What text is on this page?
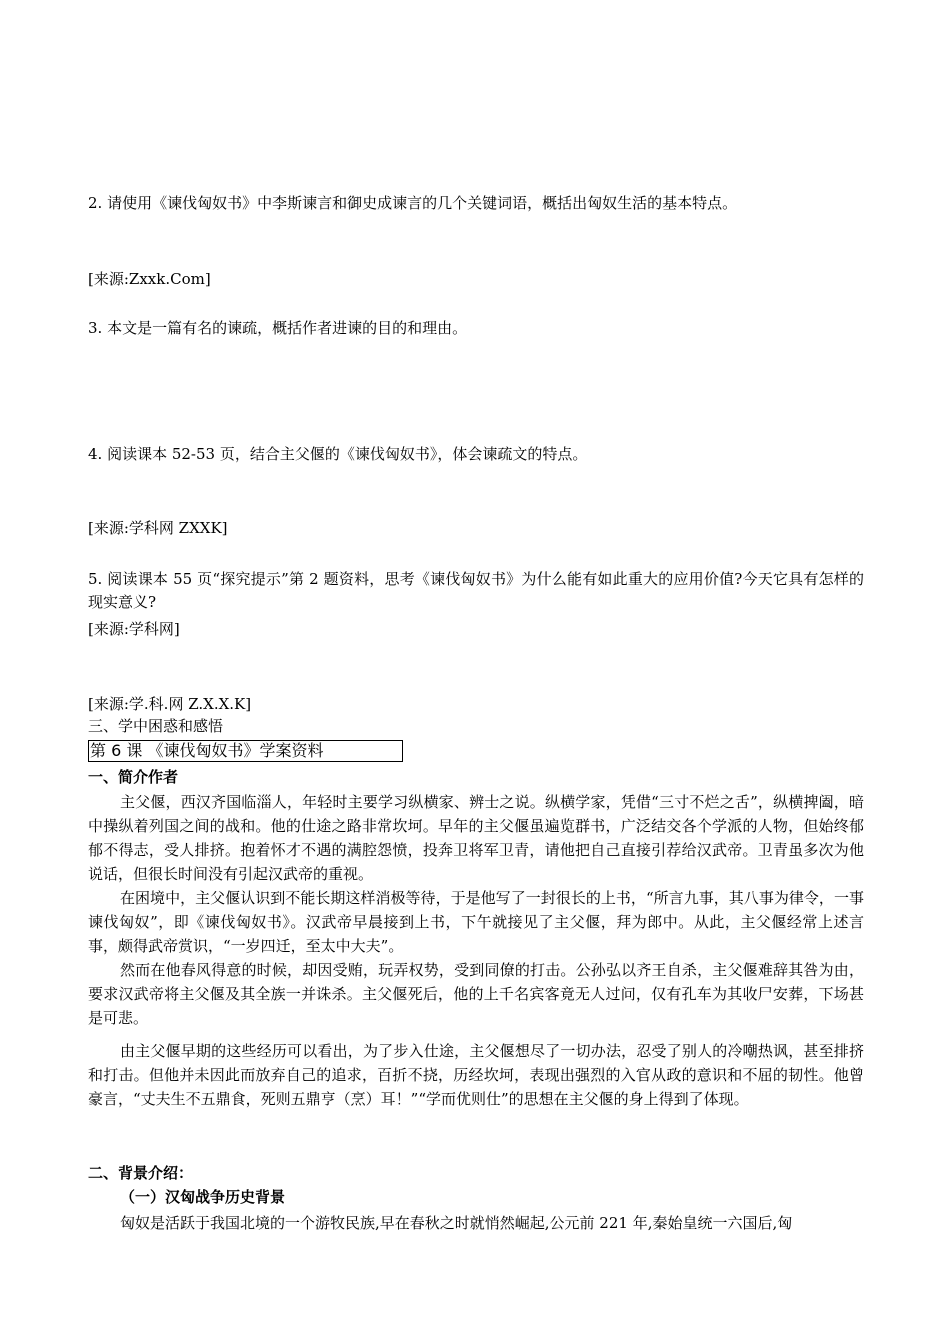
2. 请使用《谏伐匈奴书》中李斯谏言和御史成谏言的几个关键词语，概括出匈奴生活的基本特点。
[来源:Zxxk.Com]
3. 本文是一篇有名的谏疏，概括作者进谏的目的和理由。
4. 阅读课本 52-53 页，结合主父偃的《谏伐匈奴书》，体会谏疏文的特点。
[来源:学科网 ZXXK]
5. 阅读课本 55 页“探究提示”第 2 题资料，思考《谏伐匈奴书》为什么能有如此重大的应用价值?今天它具有怎样的现实意义?
[来源:学科网]
[来源:学.科.网 Z.X.X.K]
三、学中困惑和感悟
第 6 课 《谏伐匈奴书》学案资料
一、简介作者
主父偃，西汉齐国临淄人，年轻时主要学习纵横家、辨士之说。纵横学家，凭借“三寸不烂之舌”，纵横捭阖，暗中操纵着列国之间的战和。他的仕途之路非常坎坷。早年的主父偃虽遍览群书，广泛结交各个学派的人物，但始终郁郁不得志，受人排挤。抱着怀才不遇的满腔怨愤，投奔卫将军卫青，请他把自己直接引荐给汉武帝。卫青虽多次为他说话，但很长时间没有引起汉武帝的重视。
在困境中，主父偃认识到不能长期这样消极等待，于是他写了一封很长的上书，“所言九事，其八事为律令，一事谏伐匈奴”，即《谏伐匈奴书》。汉武帝早晨接到上书，下午就接见了主父偃，拜为郎中。从此，主父偃经常上述言事，颇得武帝赏识，“一岁四迁，至太中大夫”。
然而在他春风得意的时候，却因受贿，玩弄权势，受到同僚的打击。公孙弘以齐王自杀，主父偃难辞其咎为由，要求汉武帝将主父偃及其全族一并诛杀。主父偃死后，他的上千名宾客竟无人过问，仅有孔车为其收尸安葬，下场甚是可悲。
由主父偃早期的这些经历可以看出，为了步入仕途，主父偃想尽了一切办法，忍受了别人的冷嘲热讽，甚至排挤和打击。但他并未因此而放弃自己的追求，百折不挠，历经坎坷，表现出强烈的入官从政的意识和不屈的韧性。他曾豪言，“丈夫生不五鼎食，死则五鼎亨（烹）耳！”“学而优则仕”的思想在主父偃的身上得到了体现。
二、背景介绍：
（一）汉匈战争历史背景
匈奴是活跃于我国北境的一个游牧民族,早在春秋之时就悄然崛起,公元前 221 年,秦始皇统一六国后,匈
